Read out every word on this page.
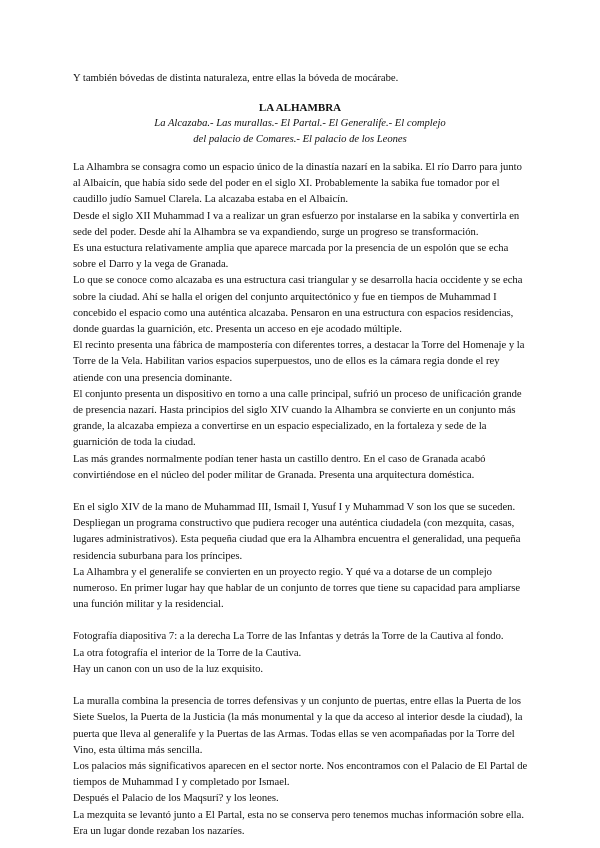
Y también bóvedas de distinta naturaleza, entre ellas la bóveda de mocárabe.
LA ALHAMBRA
La Alcazaba.- Las murallas.- El Partal.- El Generalife.- El complejo
del palacio de Comares.- El palacio de los Leones

La Alhambra se consagra como un espacio único de la dinastía nazarí en la sabika. El río Darro para junto al Albaicín, que había sido sede del poder en el siglo XI. Probablemente la sabika fue tomador por el caudillo judío Samuel Clarela. La alcazaba estaba en el Albaicín.

Desde el siglo XII Muhammad I va a realizar un gran esfuerzo por instalarse en la sabika y convertirla en sede del poder. Desde ahí la Alhambra se va expandiendo, surge un progreso se transformación.

Es una estuctura relativamente amplia que aparece marcada por la presencia de un espolón que se echa sobre el Darro y la vega de Granada.

Lo que se conoce como alcazaba es una estructura casi triangular y se desarrolla hacia occidente y se echa sobre la ciudad. Ahí se halla el origen del conjunto arquitectónico y fue en tiempos de Muhammad I concebido el espacio como una auténtica alcazaba. Pensaron en una estructura con espacios residencias, donde guardas la guarnición, etc. Presenta un acceso en eje acodado múltiple.

El recinto presenta una fábrica de mampostería con diferentes torres, a destacar la Torre del Homenaje y la Torre de la Vela. Habilitan varios espacios superpuestos, uno de ellos es la cámara regia donde el rey atiende con una presencia dominante.

El conjunto presenta un dispositivo en torno a una calle principal, sufrió un proceso de unificación grande de presencia nazarí. Hasta principios del siglo XIV cuando la Alhambra se convierte en un conjunto más grande, la alcazaba empieza a convertirse en un espacio especializado, en la fortaleza y sede de la guarnición de toda la ciudad.

Las más grandes normalmente podían tener hasta un castillo dentro. En el caso de Granada acabó convirtiéndose en el núcleo del poder militar de Granada. Presenta una arquitectura doméstica.

En el siglo XIV de la mano de Muhammad III, Ismail I, Yusuf I y Muhammad V son los que se suceden. Despliegan un programa constructivo que pudiera recoger una auténtica ciudadela (con mezquita, casas, lugares administrativos). Esta pequeña ciudad que era la Alhambra encuentra el generalidad, una pequeña residencia suburbana para los príncipes.

La Alhambra y el generalife se convierten en un proyecto regio. Y qué va a dotarse de un complejo numeroso. En primer lugar hay que hablar de un conjunto de torres que tiene su capacidad para ampliarse una función militar y la residencial.

Fotografía diapositiva 7: a la derecha La Torre de las Infantas y detrás la Torre de la Cautiva al fondo.

La otra fotografía el interior de la Torre de la Cautiva.

Hay un canon con un uso de la luz exquisito.

La muralla combina la presencia de torres defensivas y un conjunto de puertas, entre ellas la Puerta de los Siete Suelos, la Puerta de la Justicia (la más monumental y la que da acceso al interior desde la ciudad), la puerta que lleva al generalife y la Puertas de las Armas. Todas ellas se ven acompañadas por la Torre del Vino, esta última más sencilla.

Los palacios más significativos aparecen en el sector norte. Nos encontramos con el Palacio de El Partal de tiempos de Muhammad I y completado por Ismael.

Después el Palacio de los Maqsurí? y los leones.

La mezquita se levantó junto a El Partal, esta no se conserva pero tenemos muchas información sobre ella. Era un lugar donde rezaban los nazaríes.
